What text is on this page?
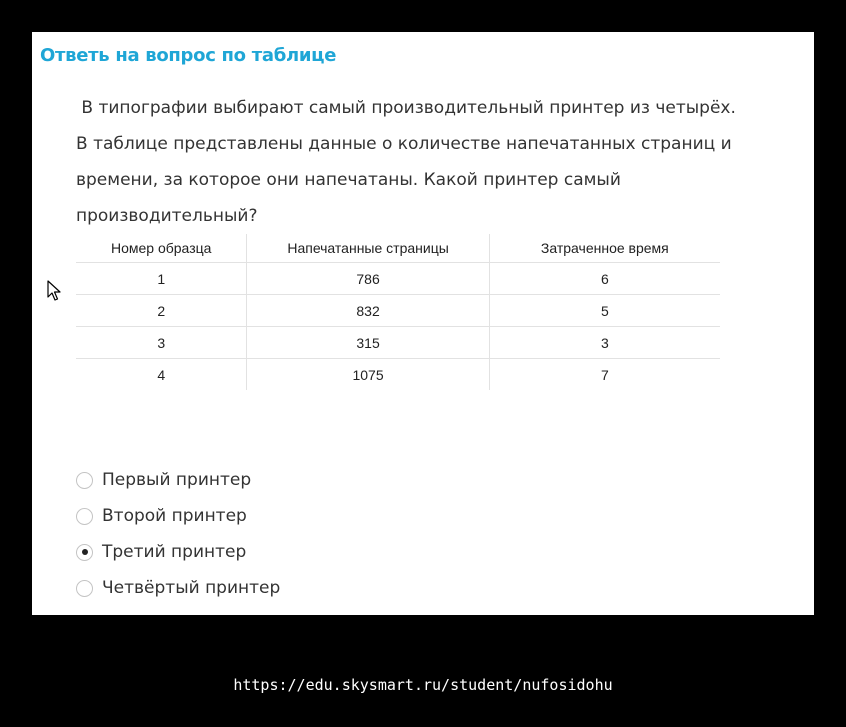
Ответь на вопрос по таблице
В типографии выбирают самый производительный принтер из четырёх. В таблице представлены данные о количестве напечатанных страниц и времени, за которое они напечатаны. Какой принтер самый производительный?
Номер образца	Напечатанные страницы	Затраченное время
1	786	6
2	832	5
3	315	3
4	1075	7
Первый принтер
Второй принтер
Третий принтер
Четвёртый принтер
https://edu.skysmart.ru/student/nufosidohu
